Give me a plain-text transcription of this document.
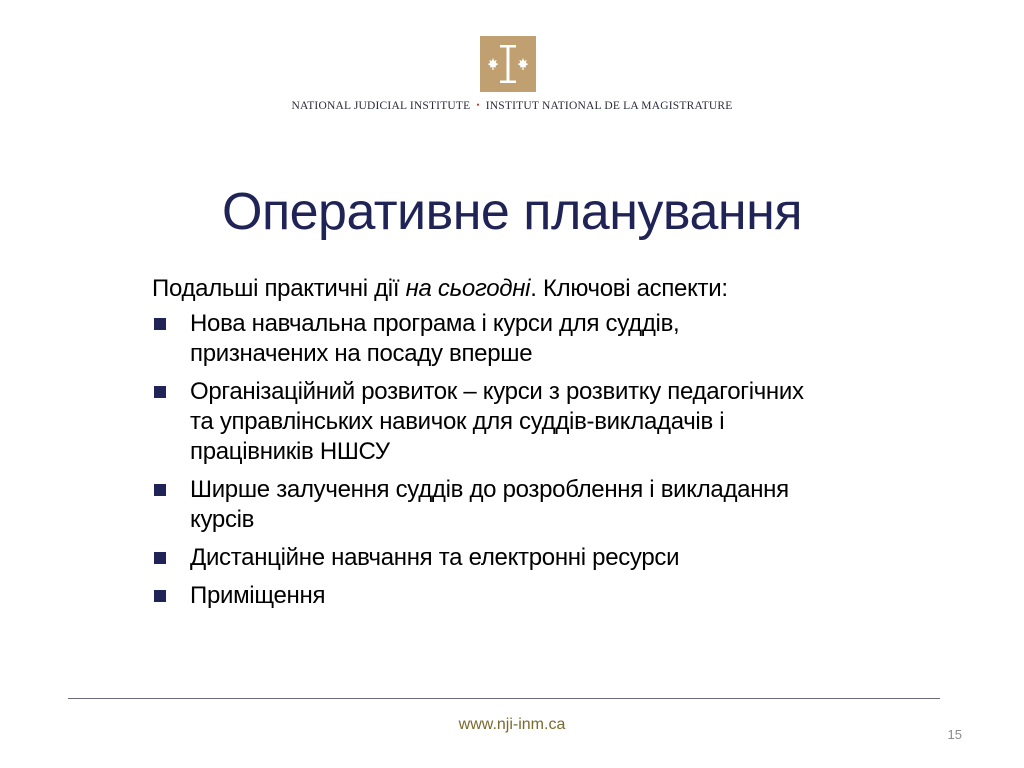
NATIONAL JUDICIAL INSTITUTE • INSTITUT NATIONAL DE LA MAGISTRATURE
Оперативне планування

Подальші практичні дії на сьогодні. Ключові аспекти:

Нова навчальна програма і курси для суддів,
призначених на посаду вперше
Організаційний розвиток – курси з розвитку педагогічних
та управлінських навичок для суддів-викладачів і
працівників НШСУ
Ширше залучення суддів до розроблення і викладання
курсів
Дистанційне навчання та електронні ресурси
Приміщення
www.nji-inm.ca
15
